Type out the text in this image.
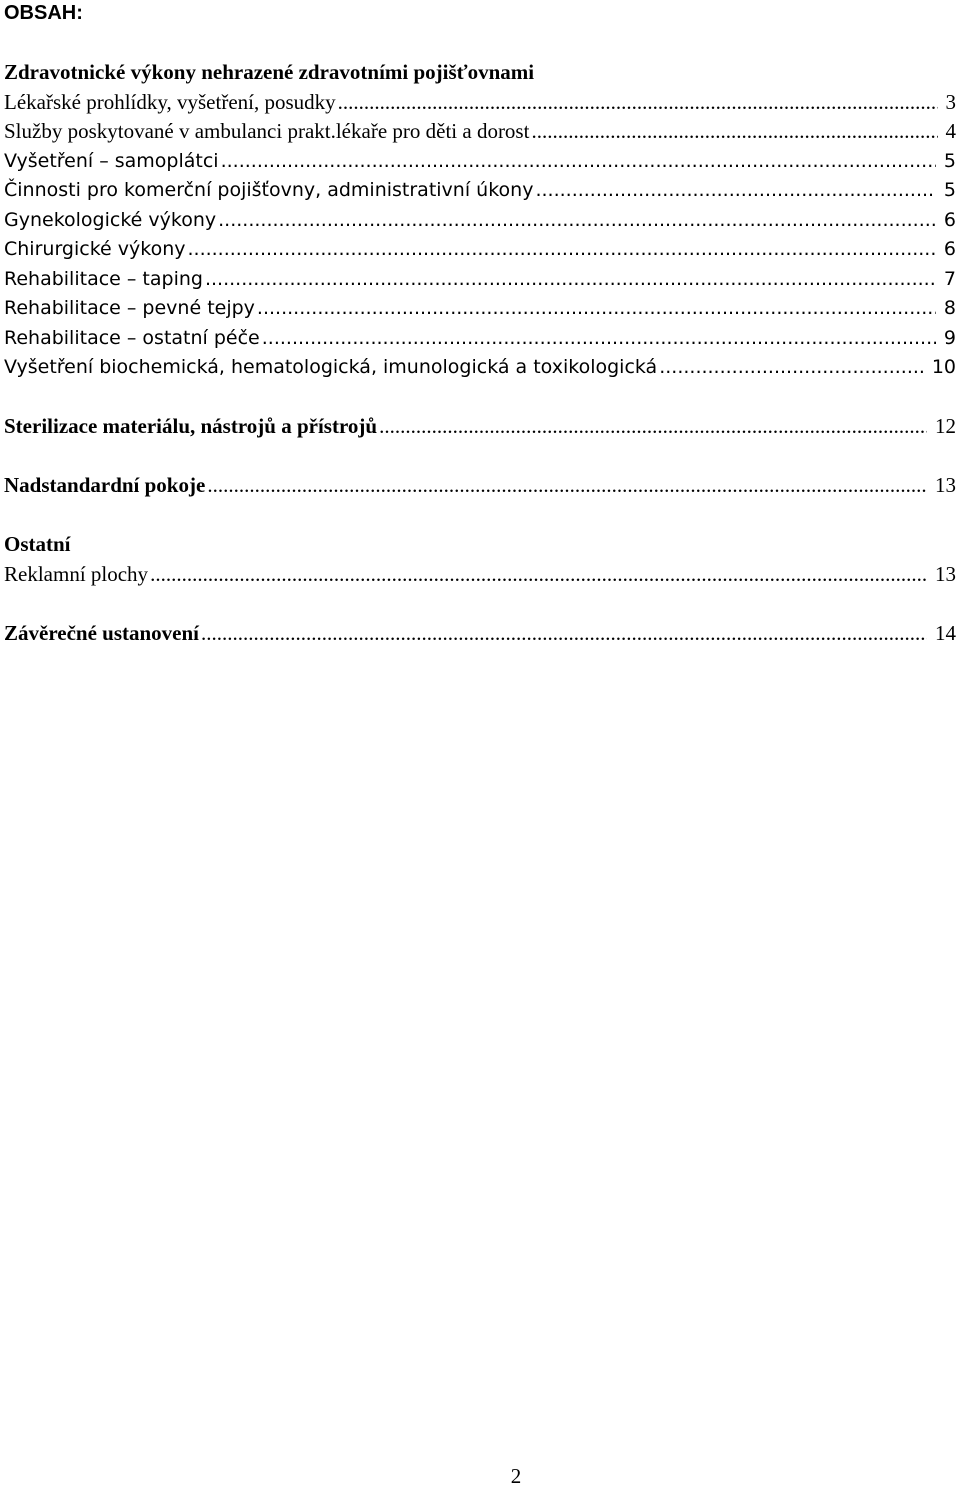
OBSAH:
Zdravotnické výkony nehrazené zdravotními pojišťovnami
Lékařské prohlídky, vyšetření, posudky .....	3
Služby poskytované v ambulanci prakt.lékaře pro děti a dorost .....	4
Vyšetření – samoplátci .....	5
Činnosti pro komerční pojišťovny, administrativní úkony .....	5
Gynekologické výkony .....	6
Chirurgické výkony .....	6
Rehabilitace – taping .....	7
Rehabilitace – pevné tejpy .....	8
Rehabilitace – ostatní péče .....	9
Vyšetření biochemická, hematologická, imunologická a toxikologická .....	10
Sterilizace materiálu, nástrojů a přístrojů .....	12
Nadstandardní pokoje .....	13
Ostatní
Reklamní plochy .....	13
Závěrečné ustanovení .....	14
2
